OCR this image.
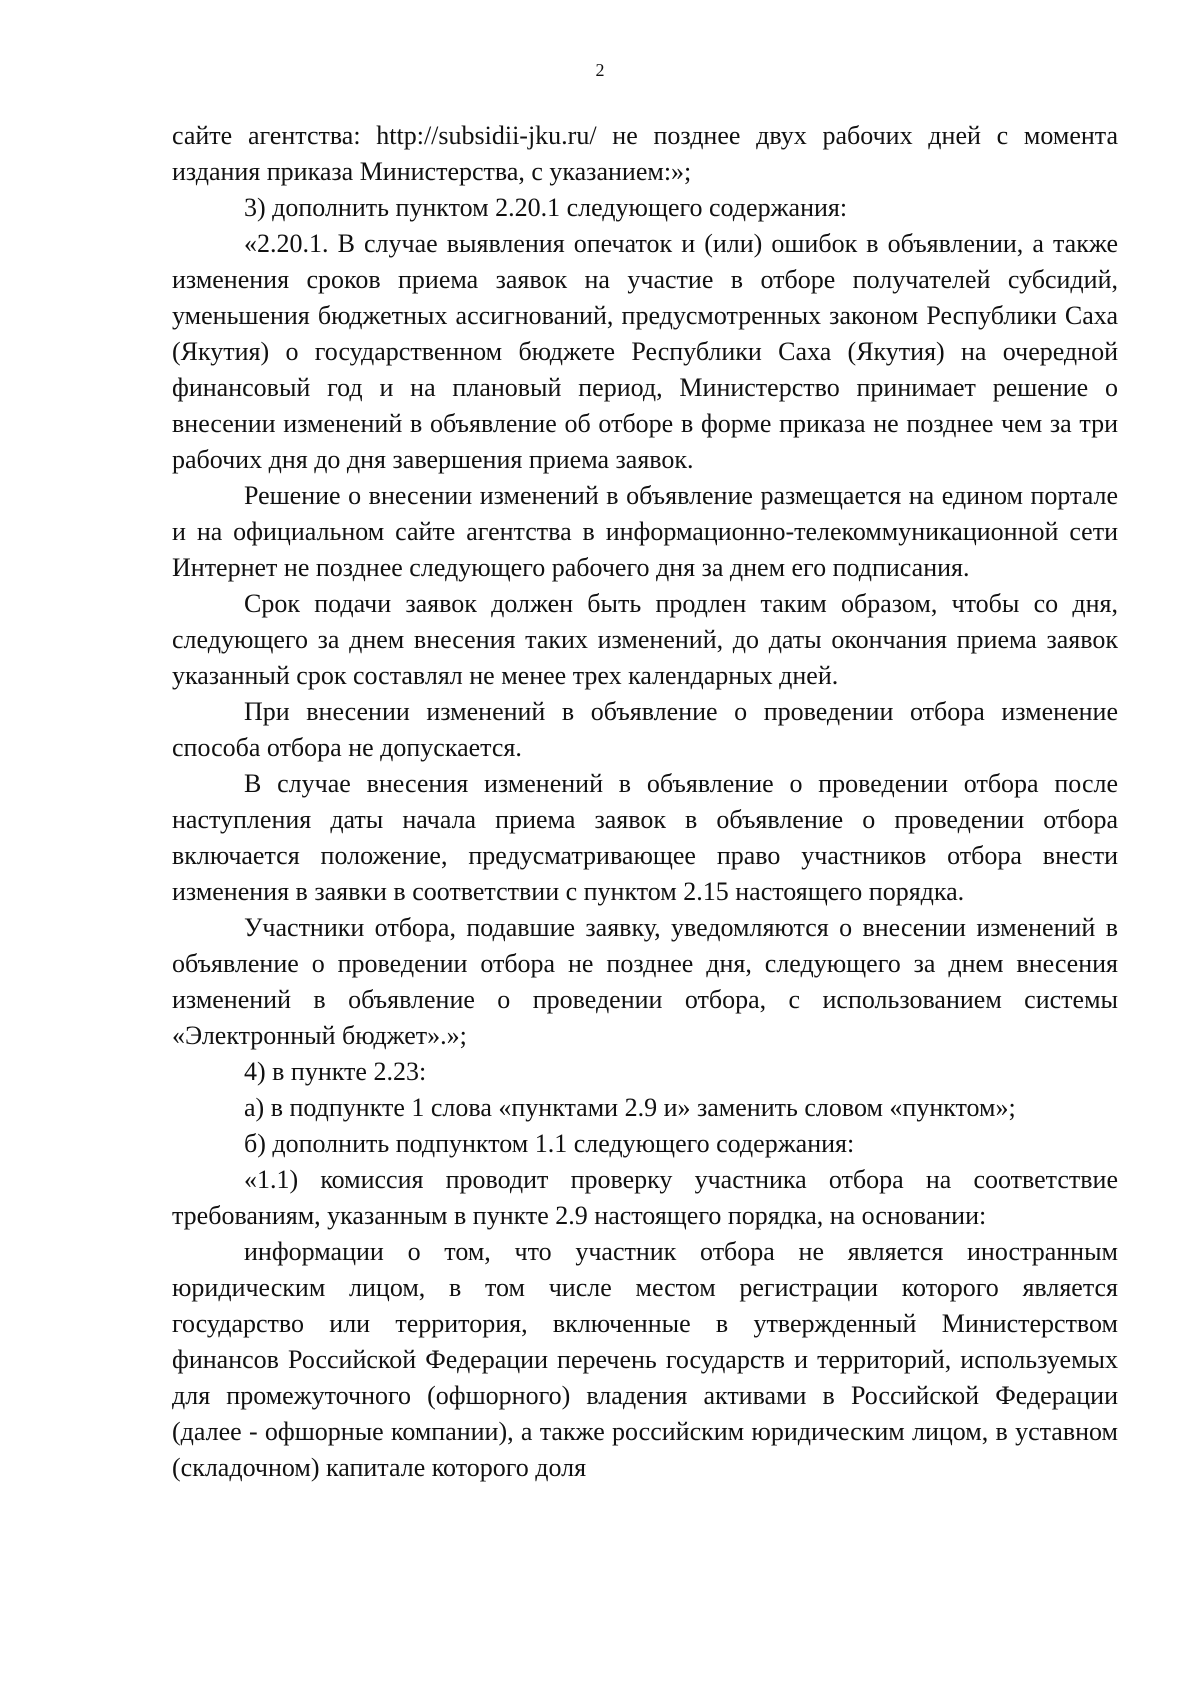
2

сайте агентства: http://subsidii-jku.ru/ не позднее двух рабочих дней с момента издания приказа Министерства, с указанием:»;

3) дополнить пунктом 2.20.1 следующего содержания:

«2.20.1. В случае выявления опечаток и (или) ошибок в объявлении, а также изменения сроков приема заявок на участие в отборе получателей субсидий, уменьшения бюджетных ассигнований, предусмотренных законом Республики Саха (Якутия) о государственном бюджете Республики Саха (Якутия) на очередной финансовый год и на плановый период, Министерство принимает решение о внесении изменений в объявление об отборе в форме приказа не позднее чем за три рабочих дня до дня завершения приема заявок.

Решение о внесении изменений в объявление размещается на едином портале и на официальном сайте агентства в информационно-телекоммуникационной сети Интернет не позднее следующего рабочего дня за днем его подписания.

Срок подачи заявок должен быть продлен таким образом, чтобы со дня, следующего за днем внесения таких изменений, до даты окончания приема заявок указанный срок составлял не менее трех календарных дней.

При внесении изменений в объявление о проведении отбора изменение способа отбора не допускается.

В случае внесения изменений в объявление о проведении отбора после наступления даты начала приема заявок в объявление о проведении отбора включается положение, предусматривающее право участников отбора внести изменения в заявки в соответствии с пунктом 2.15 настоящего порядка.

Участники отбора, подавшие заявку, уведомляются о внесении изменений в объявление о проведении отбора не позднее дня, следующего за днем внесения изменений в объявление о проведении отбора, с использованием системы «Электронный бюджет».»;

4) в пункте 2.23:

а) в подпункте 1 слова «пунктами 2.9 и» заменить словом «пунктом»;

б) дополнить подпунктом 1.1 следующего содержания:

«1.1) комиссия проводит проверку участника отбора на соответствие требованиям, указанным в пункте 2.9 настоящего порядка, на основании:

информации о том, что участник отбора не является иностранным юридическим лицом, в том числе местом регистрации которого является государство или территория, включенные в утвержденный Министерством финансов Российской Федерации перечень государств и территорий, используемых для промежуточного (офшорного) владения активами в Российской Федерации (далее - офшорные компании), а также российским юридическим лицом, в уставном (складочном) капитале которого доля
